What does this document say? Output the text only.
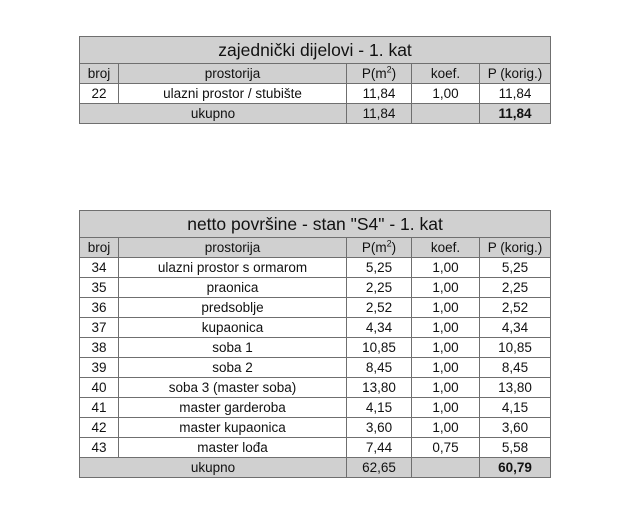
zajednički dijelovi - 1. kat				
broj	prostorija	$P(m^2)$	koef.	P (korig.)
22	ulazni prostor / stubište	11,84	1,00	11,84
ukupno		11,84		11,84
netto površine - stan "S4" - 1. kat				
broj	prostorija	$P(m^2)$	koef.	P (korig.)
34	ulazni prostor s ormarom	5,25	1,00	5,25
35	praonica	2,25	1,00	2,25
36	predsoblje	2,52	1,00	2,52
37	kupaonica	4,34	1,00	4,34
38	soba 1	10,85	1,00	10,85
39	soba 2	8,45	1,00	8,45
40	soba 3 (master soba)	13,80	1,00	13,80
41	master garderoba	4,15	1,00	4,15
42	master kupaonica	3,60	1,00	3,60
43	master lođa	7,44	0,75	5,58
ukupno		62,65		60,79
